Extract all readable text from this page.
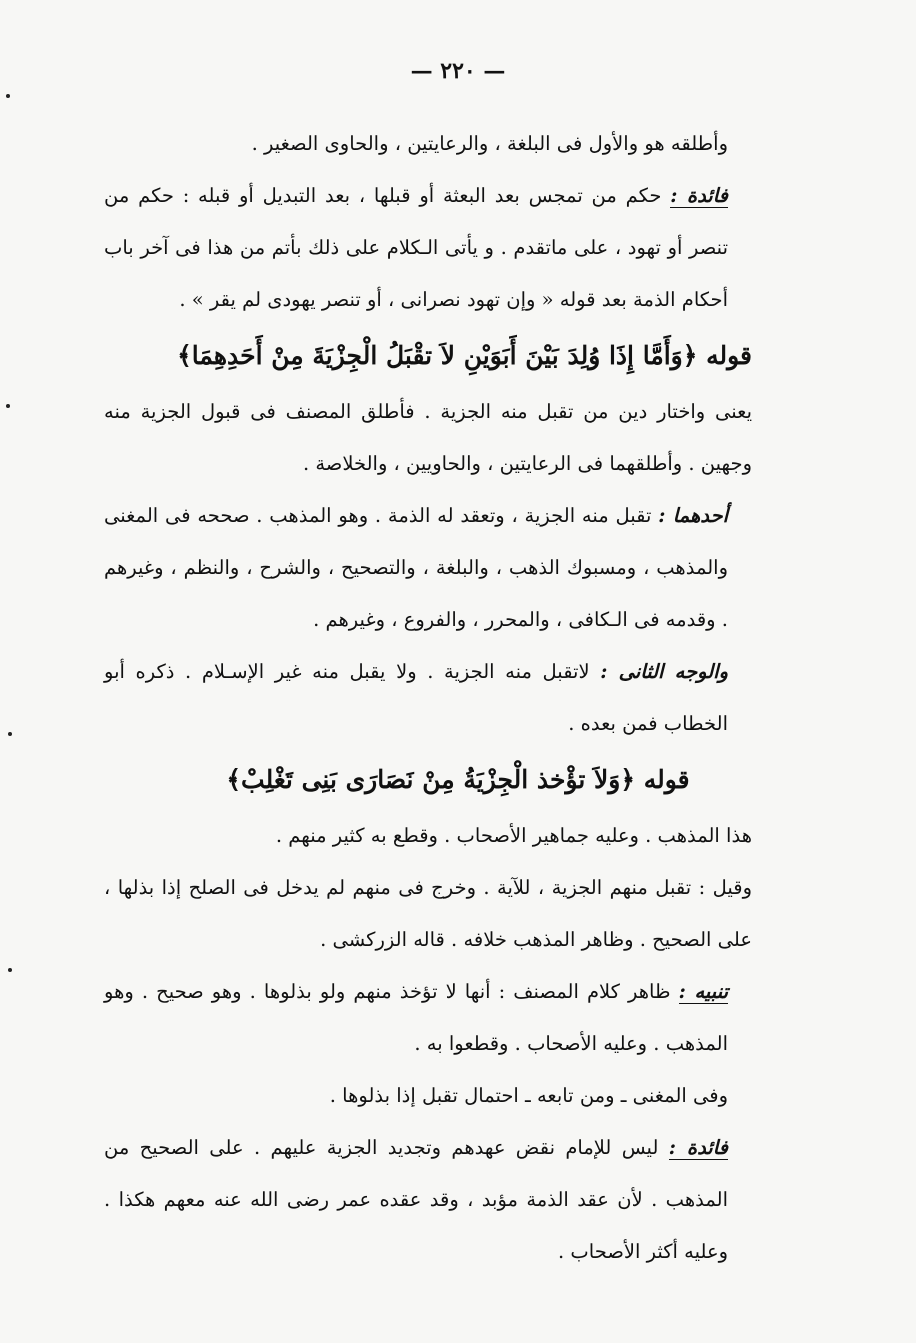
— ٢٢٠ —

وأطلقه هو والأول فى البلغة ، والرعايتين ، والحاوى الصغير .

فائدة : حكم من تمجس بعد البعثة أو قبلها ، بعد التبديل أو قبله : حكم من تنصر أو تهود ، على ماتقدم . و يأتى الـكلام على ذلك بأتم من هذا فى آخر باب أحكام الذمة بعد قوله « وإن تهود نصرانى ، أو تنصر يهودى لم يقر » .

قوله ﴿وَأَمَّا إِذَا وُلِدَ بَيْنَ أَبَوَيْنِ لاَ تقْبَلُ الْجِزْيَةَ مِنْ أَحَدِهِمَا﴾

يعنى واختار دين من تقبل منه الجزية . فأطلق المصنف فى قبول الجزية منه وجهين . وأطلقهما فى الرعايتين ، والحاويين ، والخلاصة .

أحدهما : تقبل منه الجزية ، وتعقد له الذمة . وهو المذهب . صححه فى المغنى والمذهب ، ومسبوك الذهب ، والبلغة ، والتصحيح ، والشرح ، والنظم ، وغيرهم . وقدمه فى الـكافى ، والمحرر ، والفروع ، وغيرهم .

والوجه الثانى : لاتقبل منه الجزية . ولا يقبل منه غير الإسـلام . ذكره أبو الخطاب فمن بعده .

قوله ﴿وَلاَ تؤْخذ الْجِزْيَةُ مِنْ نَصَارَى بَنِى تَغْلِبْ﴾

هذا المذهب . وعليه جماهير الأصحاب . وقطع به كثير منهم .

وقيل : تقبل منهم الجزية ، للآية . وخرج فى منهم لم يدخل فى الصلح إذا بذلها ، على الصحيح . وظاهر المذهب خلافه . قاله الزركشى .

تنبيه : ظاهر كلام المصنف : أنها لا تؤخذ منهم ولو بذلوها . وهو صحيح . وهو المذهب . وعليه الأصحاب . وقطعوا به .

وفى المغنى ـ ومن تابعه ـ احتمال تقبل إذا بذلوها .

فائدة : ليس للإمام نقض عهدهم وتجديد الجزية عليهم . على الصحيح من المذهب . لأن عقد الذمة مؤبد ، وقد عقده عمر رضى الله عنه معهم هكذا . وعليه أكثر الأصحاب .
